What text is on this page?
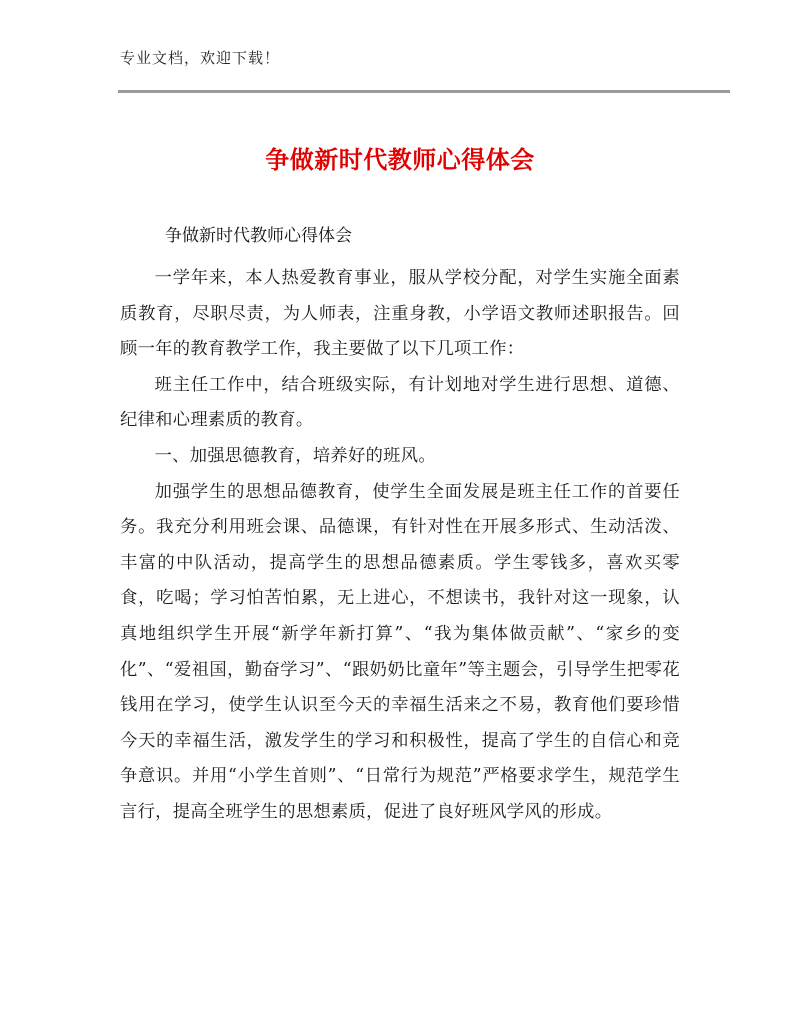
专业文档，欢迎下载！
争做新时代教师心得体会
争做新时代教师心得体会

一学年来，本人热爱教育事业，服从学校分配，对学生实施全面素质教育，尽职尽责，为人师表，注重身教，小学语文教师述职报告。回顾一年的教育教学工作，我主要做了以下几项工作：

班主任工作中，结合班级实际，有计划地对学生进行思想、道德、纪律和心理素质的教育。

一、加强思德教育，培养好的班风。

加强学生的思想品德教育，使学生全面发展是班主任工作的首要任务。我充分利用班会课、品德课，有针对性在开展多形式、生动活泼、丰富的中队活动，提高学生的思想品德素质。学生零钱多，喜欢买零食，吃喝；学习怕苦怕累，无上进心，不想读书，我针对这一现象，认真地组织学生开展“新学年新打算”、“我为集体做贡献”、“家乡的变化”、“爱祖国，勤奋学习”、“跟奶奶比童年”等主题会，引导学生把零花钱用在学习，使学生认识至今天的幸福生活来之不易，教育他们要珍惜今天的幸福生活，激发学生的学习和积极性，提高了学生的自信心和竞争意识。并用“小学生首则”、“日常行为规范”严格要求学生，规范学生言行，提高全班学生的思想素质，促进了良好班风学风的形成。
